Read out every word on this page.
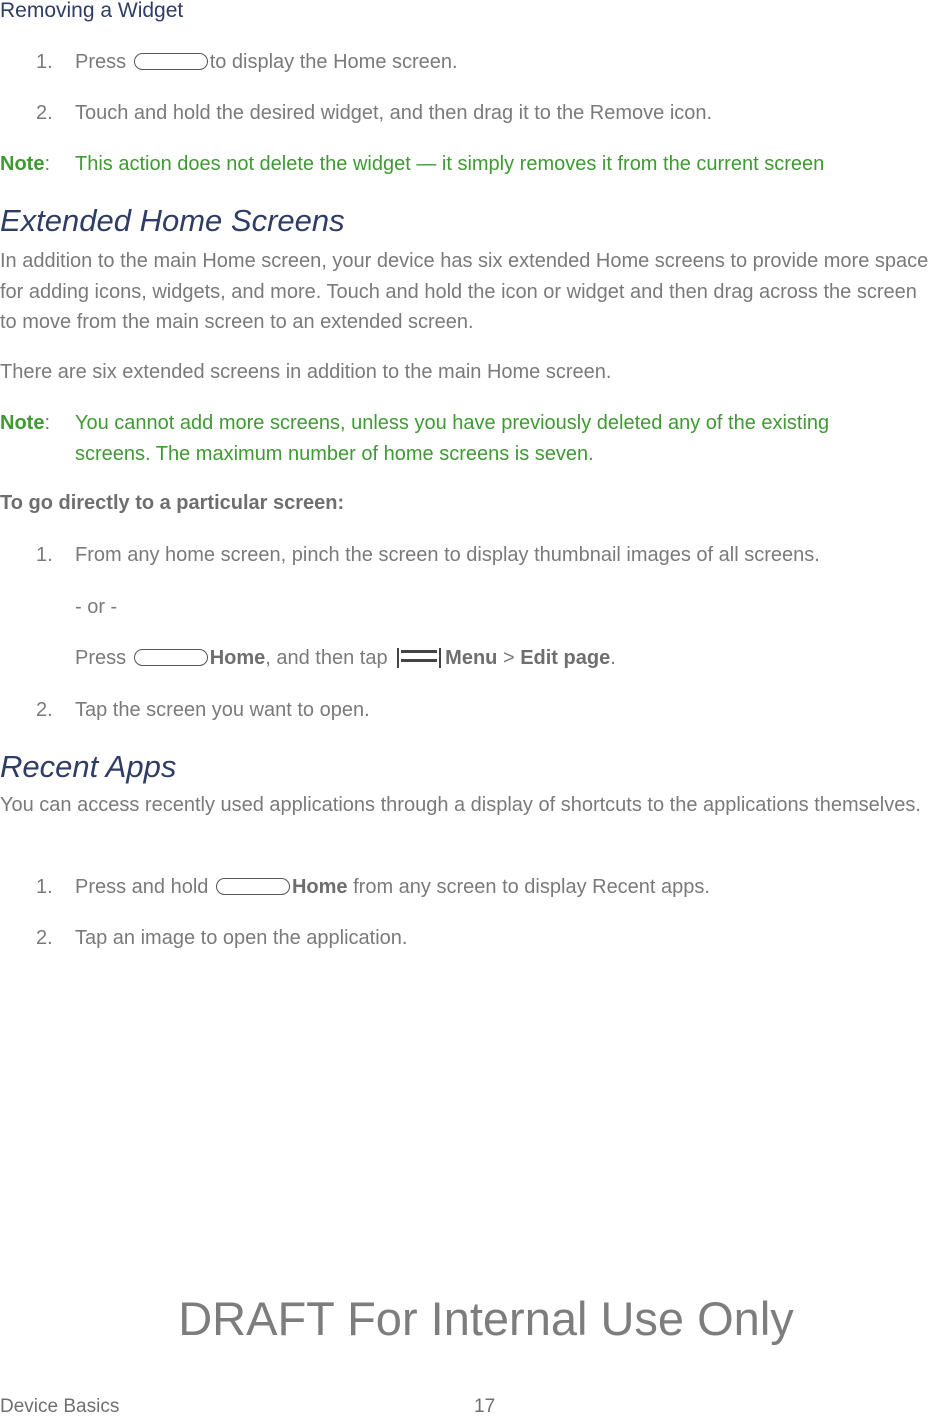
Removing a Widget
1. Press	to display the Home screen.
2. Touch and hold the desired widget, and then drag it to the Remove icon.
Note: This action does not delete the widget — it simply removes it from the current screen
Extended Home Screens
In addition to the main Home screen, your device has six extended Home screens to provide more space for adding icons, widgets, and more. Touch and hold the icon or widget and then drag across the screen to move from the main screen to an extended screen.
There are six extended screens in addition to the main Home screen.
Note: You cannot add more screens, unless you have previously deleted any of the existing
screens. The maximum number of home screens is seven.
To go directly to a particular screen:
1. From any home screen, pinch the screen to display thumbnail images of all screens.
- or -
Press	Home, and then tap	Menu > Edit page.
2. Tap the screen you want to open.
Recent Apps
You can access recently used applications through a display of shortcuts to the applications themselves.
1. Press and hold	Home from any screen to display Recent apps.
2. Tap an image to open the application.
DRAFT For Internal Use Only
Device Basics	17
